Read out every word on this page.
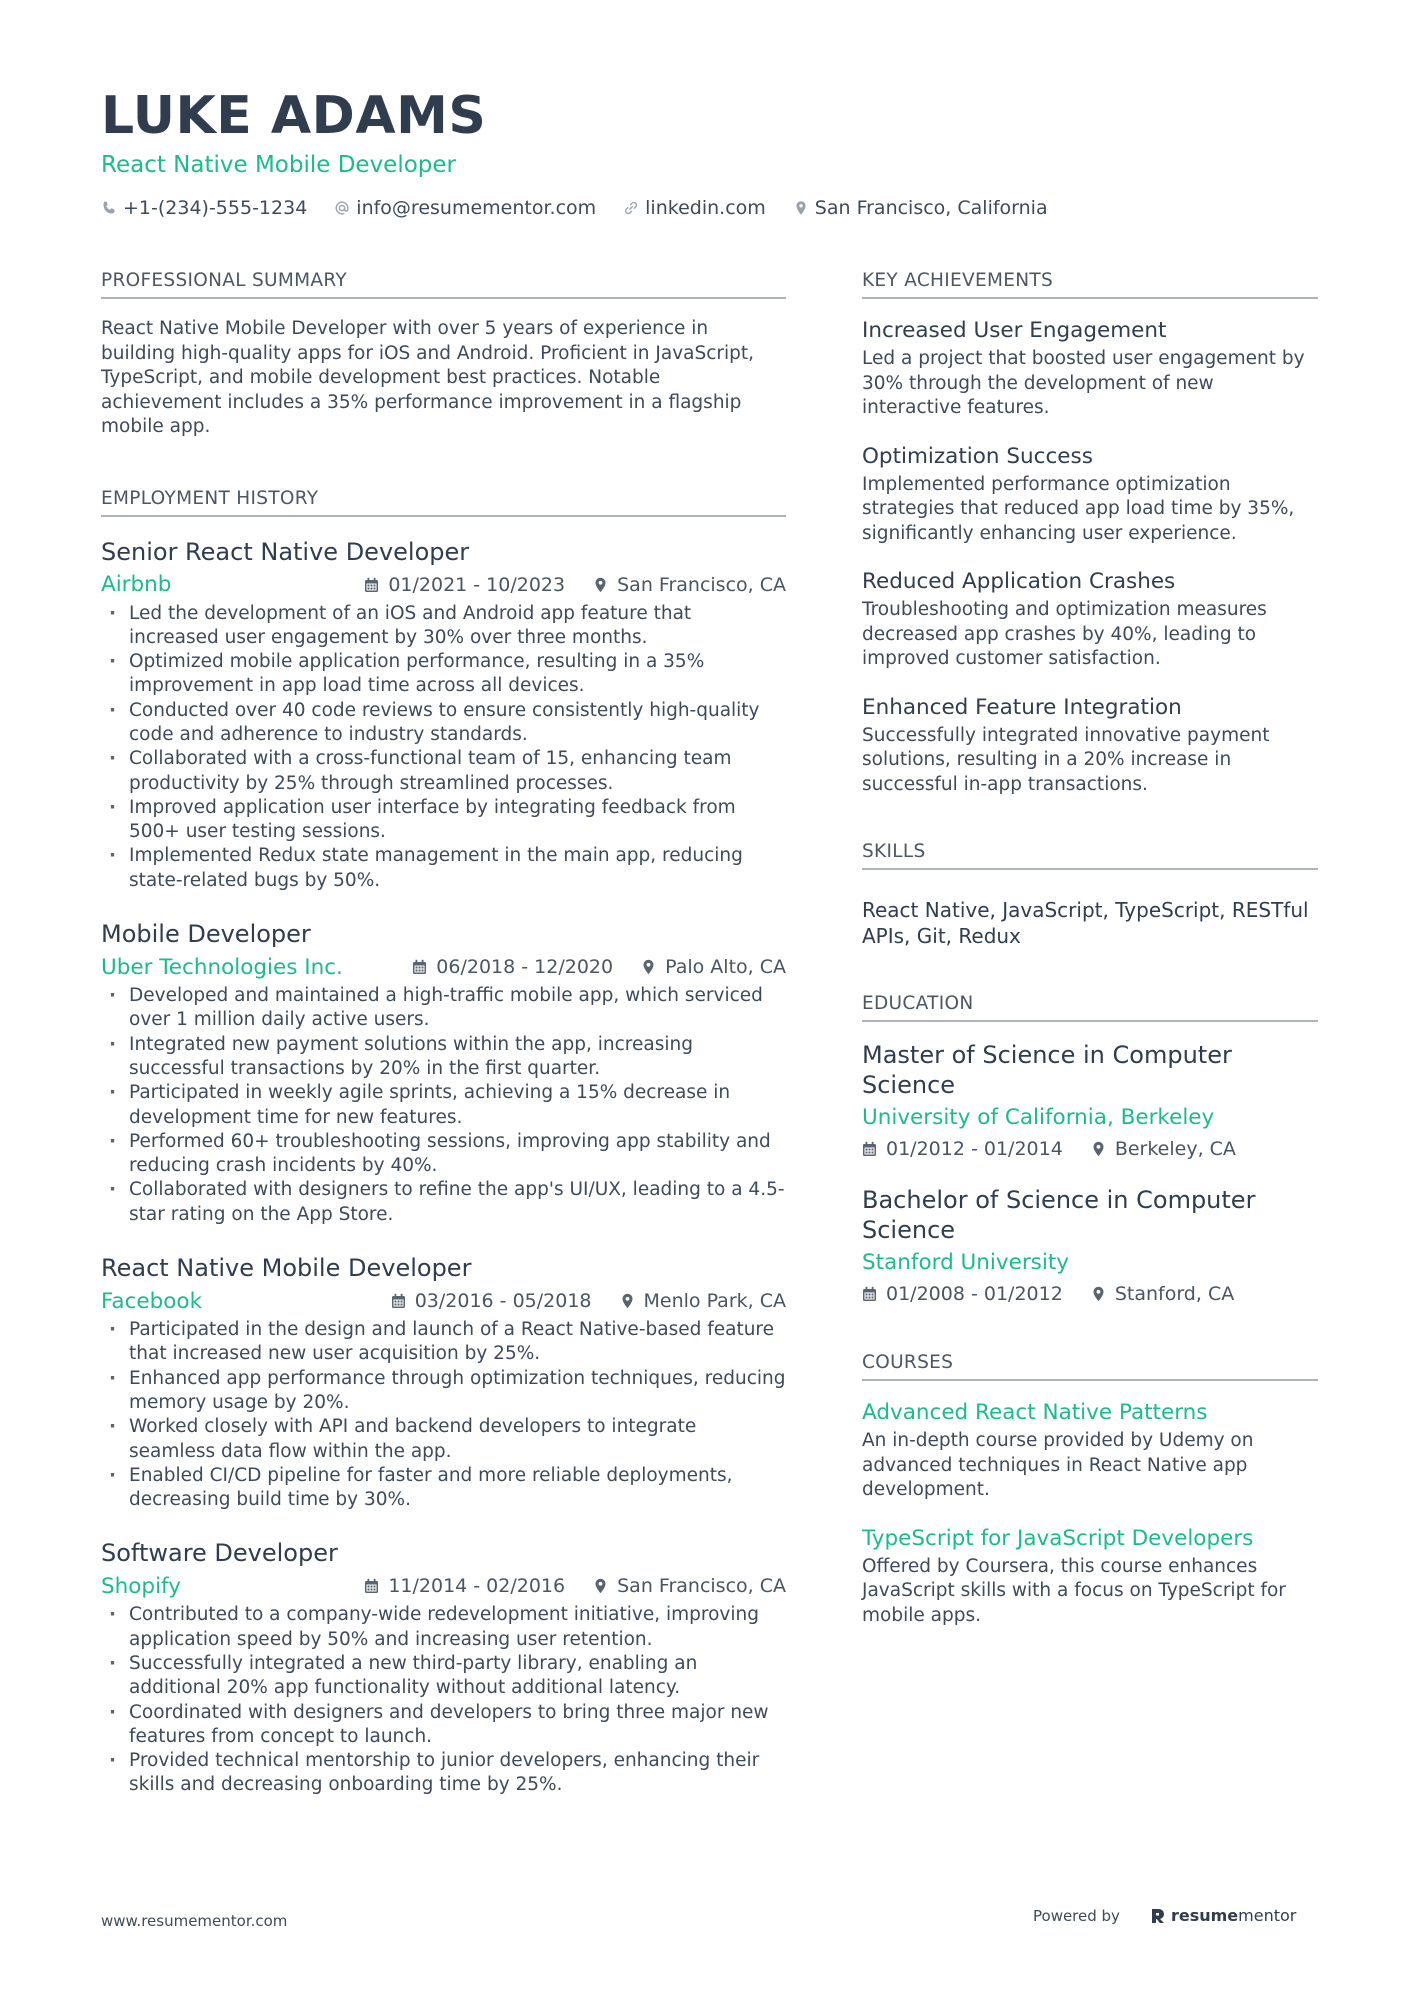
LUKE ADAMS
React Native Mobile Developer
+1-(234)-555-1234	info@resumementor.com	linkedin.com	San Francisco, California
PROFESSIONAL SUMMARY
React Native Mobile Developer with over 5 years of experience in building high-quality apps for iOS and Android. Proficient in JavaScript, TypeScript, and mobile development best practices. Notable achievement includes a 35% performance improvement in a flagship mobile app.
EMPLOYMENT HISTORY
Senior React Native Developer
Airbnb	01/2021 - 10/2023	San Francisco, CA
· Led the development of an iOS and Android app feature that increased user engagement by 30% over three months.
· Optimized mobile application performance, resulting in a 35% improvement in app load time across all devices.
· Conducted over 40 code reviews to ensure consistently high-quality code and adherence to industry standards.
· Collaborated with a cross-functional team of 15, enhancing team productivity by 25% through streamlined processes.
· Improved application user interface by integrating feedback from 500+ user testing sessions.
· Implemented Redux state management in the main app, reducing state-related bugs by 50%.
Mobile Developer
Uber Technologies Inc.	06/2018 - 12/2020	Palo Alto, CA
· Developed and maintained a high-traffic mobile app, which serviced over 1 million daily active users.
· Integrated new payment solutions within the app, increasing successful transactions by 20% in the first quarter.
· Participated in weekly agile sprints, achieving a 15% decrease in development time for new features.
· Performed 60+ troubleshooting sessions, improving app stability and reducing crash incidents by 40%.
· Collaborated with designers to refine the app's UI/UX, leading to a 4.5-star rating on the App Store.
React Native Mobile Developer
Facebook	03/2016 - 05/2018	Menlo Park, CA
· Participated in the design and launch of a React Native-based feature that increased new user acquisition by 25%.
· Enhanced app performance through optimization techniques, reducing memory usage by 20%.
· Worked closely with API and backend developers to integrate seamless data flow within the app.
· Enabled CI/CD pipeline for faster and more reliable deployments, decreasing build time by 30%.
Software Developer
Shopify	11/2014 - 02/2016	San Francisco, CA
· Contributed to a company-wide redevelopment initiative, improving application speed by 50% and increasing user retention.
· Successfully integrated a new third-party library, enabling an additional 20% app functionality without additional latency.
· Coordinated with designers and developers to bring three major new features from concept to launch.
· Provided technical mentorship to junior developers, enhancing their skills and decreasing onboarding time by 25%.
KEY ACHIEVEMENTS
Increased User Engagement
Led a project that boosted user engagement by 30% through the development of new interactive features.
Optimization Success
Implemented performance optimization strategies that reduced app load time by 35%, significantly enhancing user experience.
Reduced Application Crashes
Troubleshooting and optimization measures decreased app crashes by 40%, leading to improved customer satisfaction.
Enhanced Feature Integration
Successfully integrated innovative payment solutions, resulting in a 20% increase in successful in-app transactions.
SKILLS
React Native, JavaScript, TypeScript, RESTful APIs, Git, Redux
EDUCATION
Master of Science in Computer Science
University of California, Berkeley
01/2012 - 01/2014	Berkeley, CA
Bachelor of Science in Computer Science
Stanford University
01/2008 - 01/2012	Stanford, CA
COURSES
Advanced React Native Patterns
An in-depth course provided by Udemy on advanced techniques in React Native app development.
TypeScript for JavaScript Developers
Offered by Coursera, this course enhances JavaScript skills with a focus on TypeScript for mobile apps.
www.resumementor.com	Powered by	resume mentor
